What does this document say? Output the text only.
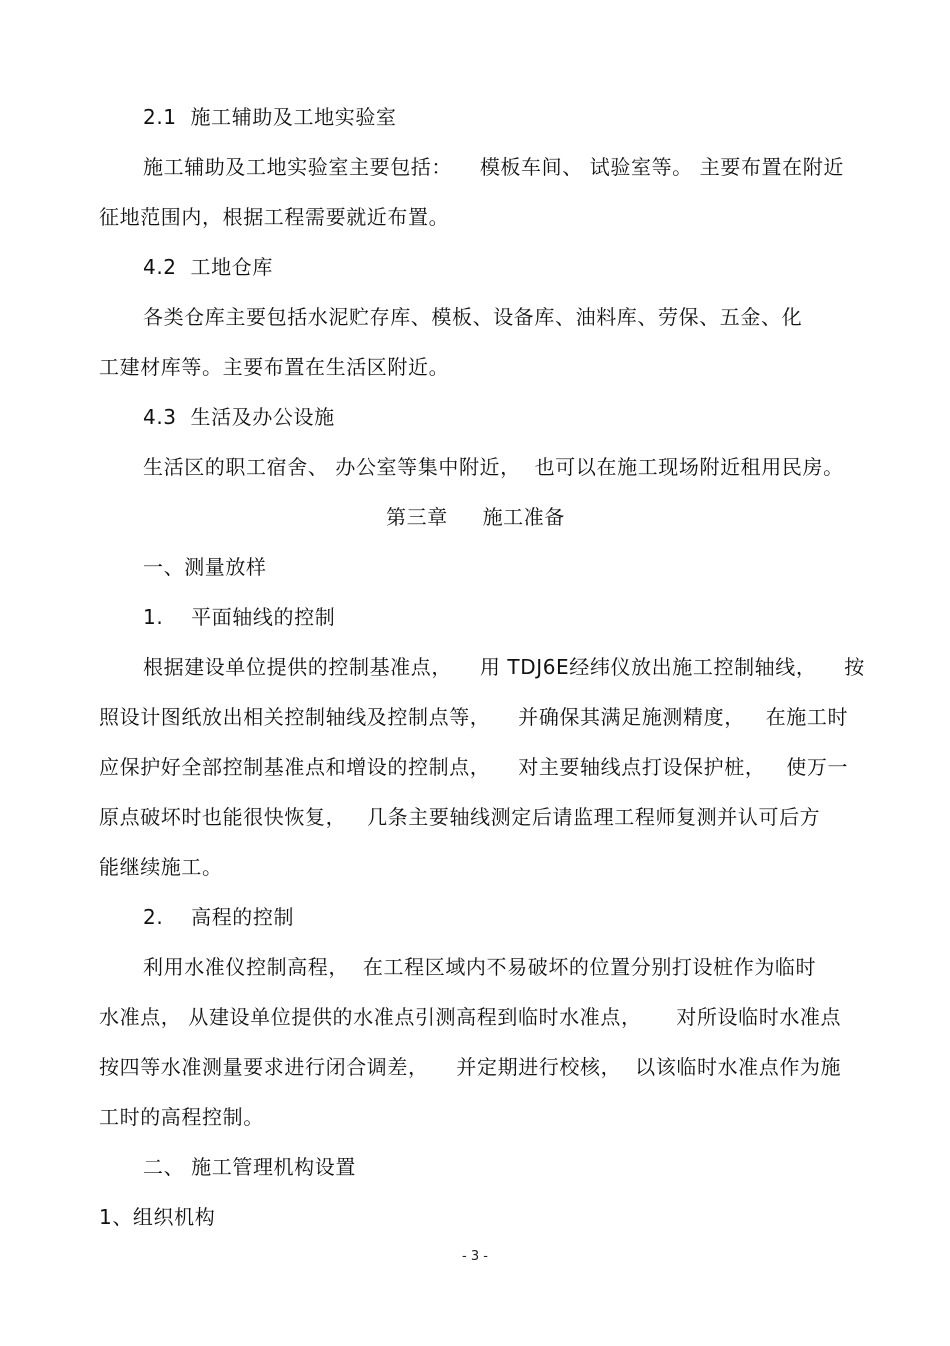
2.1  施工辅助及工地实验室
施工辅助及工地实验室主要包括：    模板车间、 试验室等。 主要布置在附近
征地范围内，根据工程需要就近布置。
4.2  工地仓库
各类仓库主要包括水泥贮存库、模板、设备库、油料库、劳保、五金、化
工建材库等。主要布置在生活区附近。
4.3  生活及办公设施
生活区的职工宿舍、 办公室等集中附近，  也可以在施工现场附近租用民房。
第三章     施工准备
一、测量放样
1.    平面轴线的控制
根据建设单位提供的控制基准点，    用 TDJ6E经纬仪放出施工控制轴线，    按
照设计图纸放出相关控制轴线及控制点等，    并确保其满足施测精度，   在施工时
应保护好全部控制基准点和增设的控制点，    对主要轴线点打设保护桩，   使万一
原点破坏时也能很快恢复，   几条主要轴线测定后请监理工程师复测并认可后方
能继续施工。
2.    高程的控制
利用水准仪控制高程，  在工程区域内不易破坏的位置分别打设桩作为临时
水准点， 从建设单位提供的水准点引测高程到临时水准点，     对所设临时水准点
按四等水准测量要求进行闭合调差，    并定期进行校核，  以该临时水准点作为施
工时的高程控制。
二、 施工管理机构设置
1、组织机构
- 3 -
